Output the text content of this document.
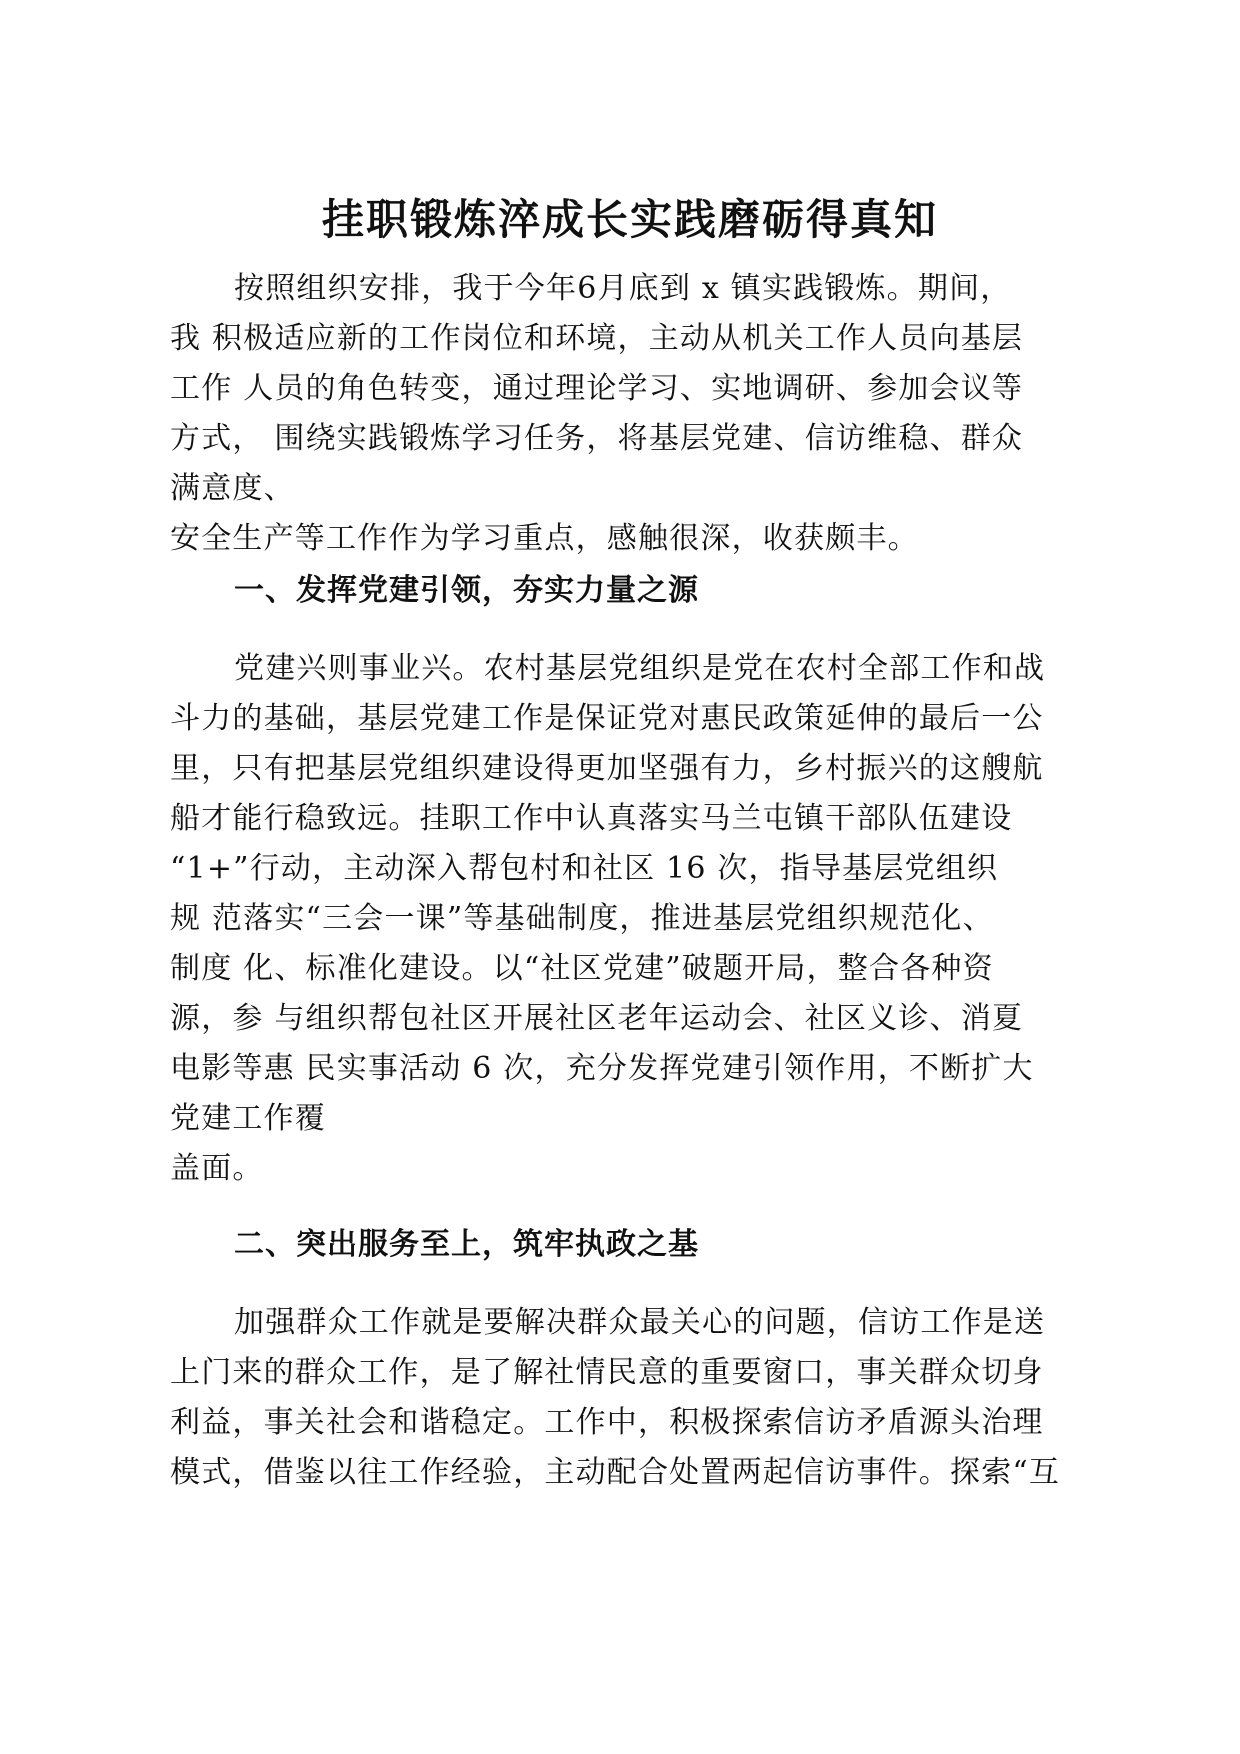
挂职锻炼淬成长实践磨砺得真知
按照组织安排，我于今年6月底到 x 镇实践锻炼。期间，
我 积极适应新的工作岗位和环境，主动从机关工作人员向基层
工作 人员的角色转变，通过理论学习、实地调研、参加会议等
方式， 围绕实践锻炼学习任务，将基层党建、信访维稳、群众
满意度、
安全生产等工作作为学习重点，感触很深，收获颇丰。
一、发挥党建引领，夯实力量之源
党建兴则事业兴。农村基层党组织是党在农村全部工作和战
斗力的基础，基层党建工作是保证党对惠民政策延伸的最后一公
里，只有把基层党组织建设得更加坚强有力，乡村振兴的这艘航
船才能行稳致远。挂职工作中认真落实马兰屯镇干部队伍建设
“1+”行动，主动深入帮包村和社区 16 次，指导基层党组织
规 范落实“三会一课”等基础制度，推进基层党组织规范化、
制度 化、标准化建设。以“社区党建”破题开局，整合各种资
源，参 与组织帮包社区开展社区老年运动会、社区义诊、消夏
电影等惠 民实事活动 6 次，充分发挥党建引领作用，不断扩大
党建工作覆
盖面。
二、突出服务至上，筑牢执政之基
加强群众工作就是要解决群众最关心的问题，信访工作是送
上门来的群众工作，是了解社情民意的重要窗口，事关群众切身
利益，事关社会和谐稳定。工作中，积极探索信访矛盾源头治理
模式，借鉴以往工作经验，主动配合处置两起信访事件。探索“互
